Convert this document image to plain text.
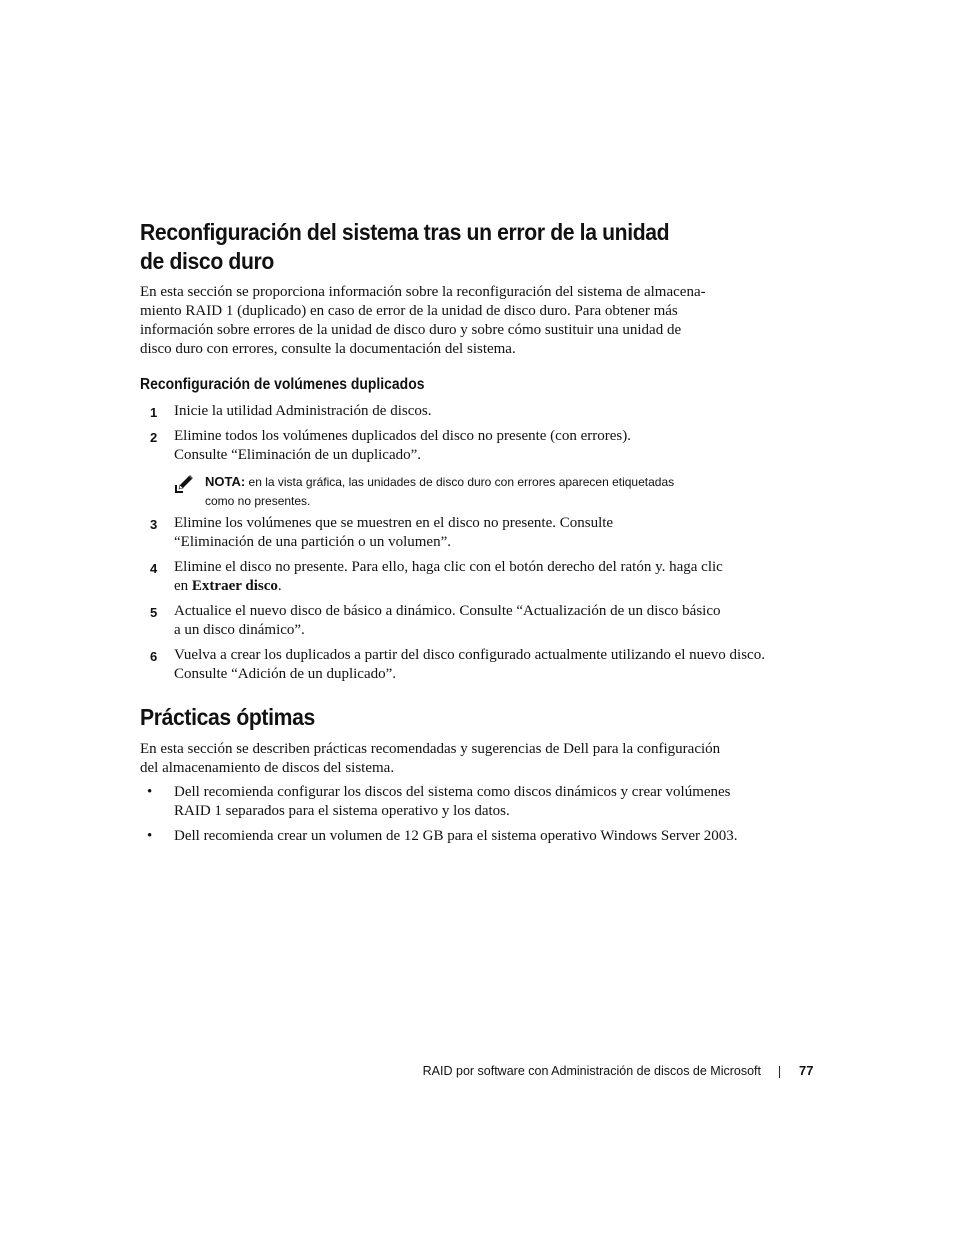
Reconfiguración del sistema tras un error de la unidad
de disco duro
En esta sección se proporciona información sobre la reconfiguración del sistema de almacena-
miento RAID 1 (duplicado) en caso de error de la unidad de disco duro. Para obtener más
información sobre errores de la unidad de disco duro y sobre cómo sustituir una unidad de
disco duro con errores, consulte la documentación del sistema.
Reconfiguración de volúmenes duplicados
1	Inicie la utilidad Administración de discos.
2	Elimine todos los volúmenes duplicados del disco no presente (con errores).
Consulte “Eliminación de un duplicado”.
NOTA: en la vista gráfica, las unidades de disco duro con errores aparecen etiquetadas
como no presentes.
3	Elimine los volúmenes que se muestren en el disco no presente. Consulte
“Eliminación de una partición o un volumen”.
4	Elimine el disco no presente. Para ello, haga clic con el botón derecho del ratón y. haga clic
en Extraer disco.
5	Actualice el nuevo disco de básico a dinámico. Consulte “Actualización de un disco básico
a un disco dinámico”.
6	Vuelva a crear los duplicados a partir del disco configurado actualmente utilizando el nuevo disco.
Consulte “Adición de un duplicado”.
Prácticas óptimas
En esta sección se describen prácticas recomendadas y sugerencias de Dell para la configuración
del almacenamiento de discos del sistema.
• Dell recomienda configurar los discos del sistema como discos dinámicos y crear volúmenes
RAID 1 separados para el sistema operativo y los datos.
• Dell recomienda crear un volumen de 12 GB para el sistema operativo Windows Server 2003.
RAID por software con Administración de discos de Microsoft	77
